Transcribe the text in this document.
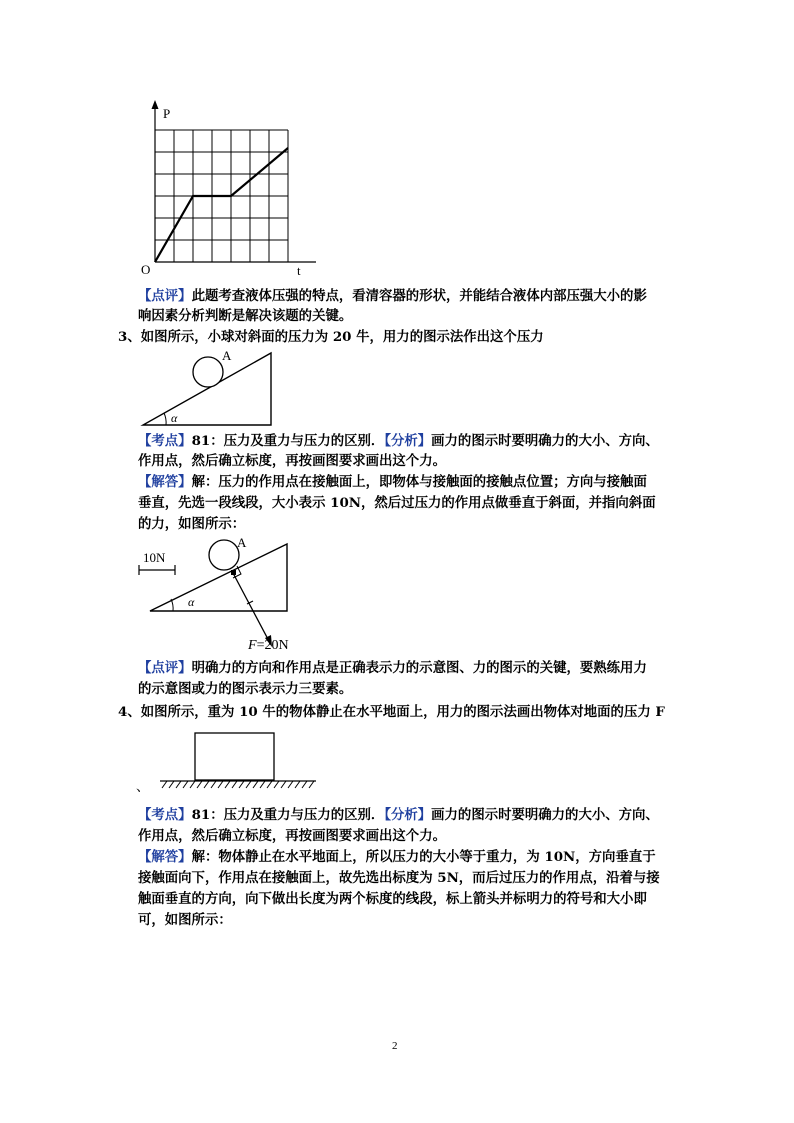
P
t
O
【点评】此题考查液体压强的特点，看清容器的形状，并能结合液体内部压强大小的影
响因素分析判断是解决该题的关键。
3、如图所示，小球对斜面的压力为 20 牛，用力的图示法作出这个压力
A
α
【考点】81：压力及重力与压力的区别．【分析】画力的图示时要明确力的大小、方向、
作用点，然后确立标度，再按画图要求画出这个力。
【解答】解：压力的作用点在接触面上，即物体与接触面的接触点位置；方向与接触面
垂直，先选一段线段，大小表示 10N，然后过压力的作用点做垂直于斜面，并指向斜面
的力，如图所示：
10N
A
α
F=20N
【点评】明确力的方向和作用点是正确表示力的示意图、力的图示的关键，要熟练用力
的示意图或力的图示表示力三要素。
4、如图所示，重为 10 牛的物体静止在水平地面上，用力的图示法画出物体对地面的压力 F
、
【考点】81：压力及重力与压力的区别．【分析】画力的图示时要明确力的大小、方向、
作用点，然后确立标度，再按画图要求画出这个力。
【解答】解：物体静止在水平地面上，所以压力的大小等于重力，为 10N，方向垂直于
接触面向下，作用点在接触面上，故先选出标度为 5N，而后过压力的作用点，沿着与接
触面垂直的方向，向下做出长度为两个标度的线段，标上箭头并标明力的符号和大小即
可，如图所示：
2
